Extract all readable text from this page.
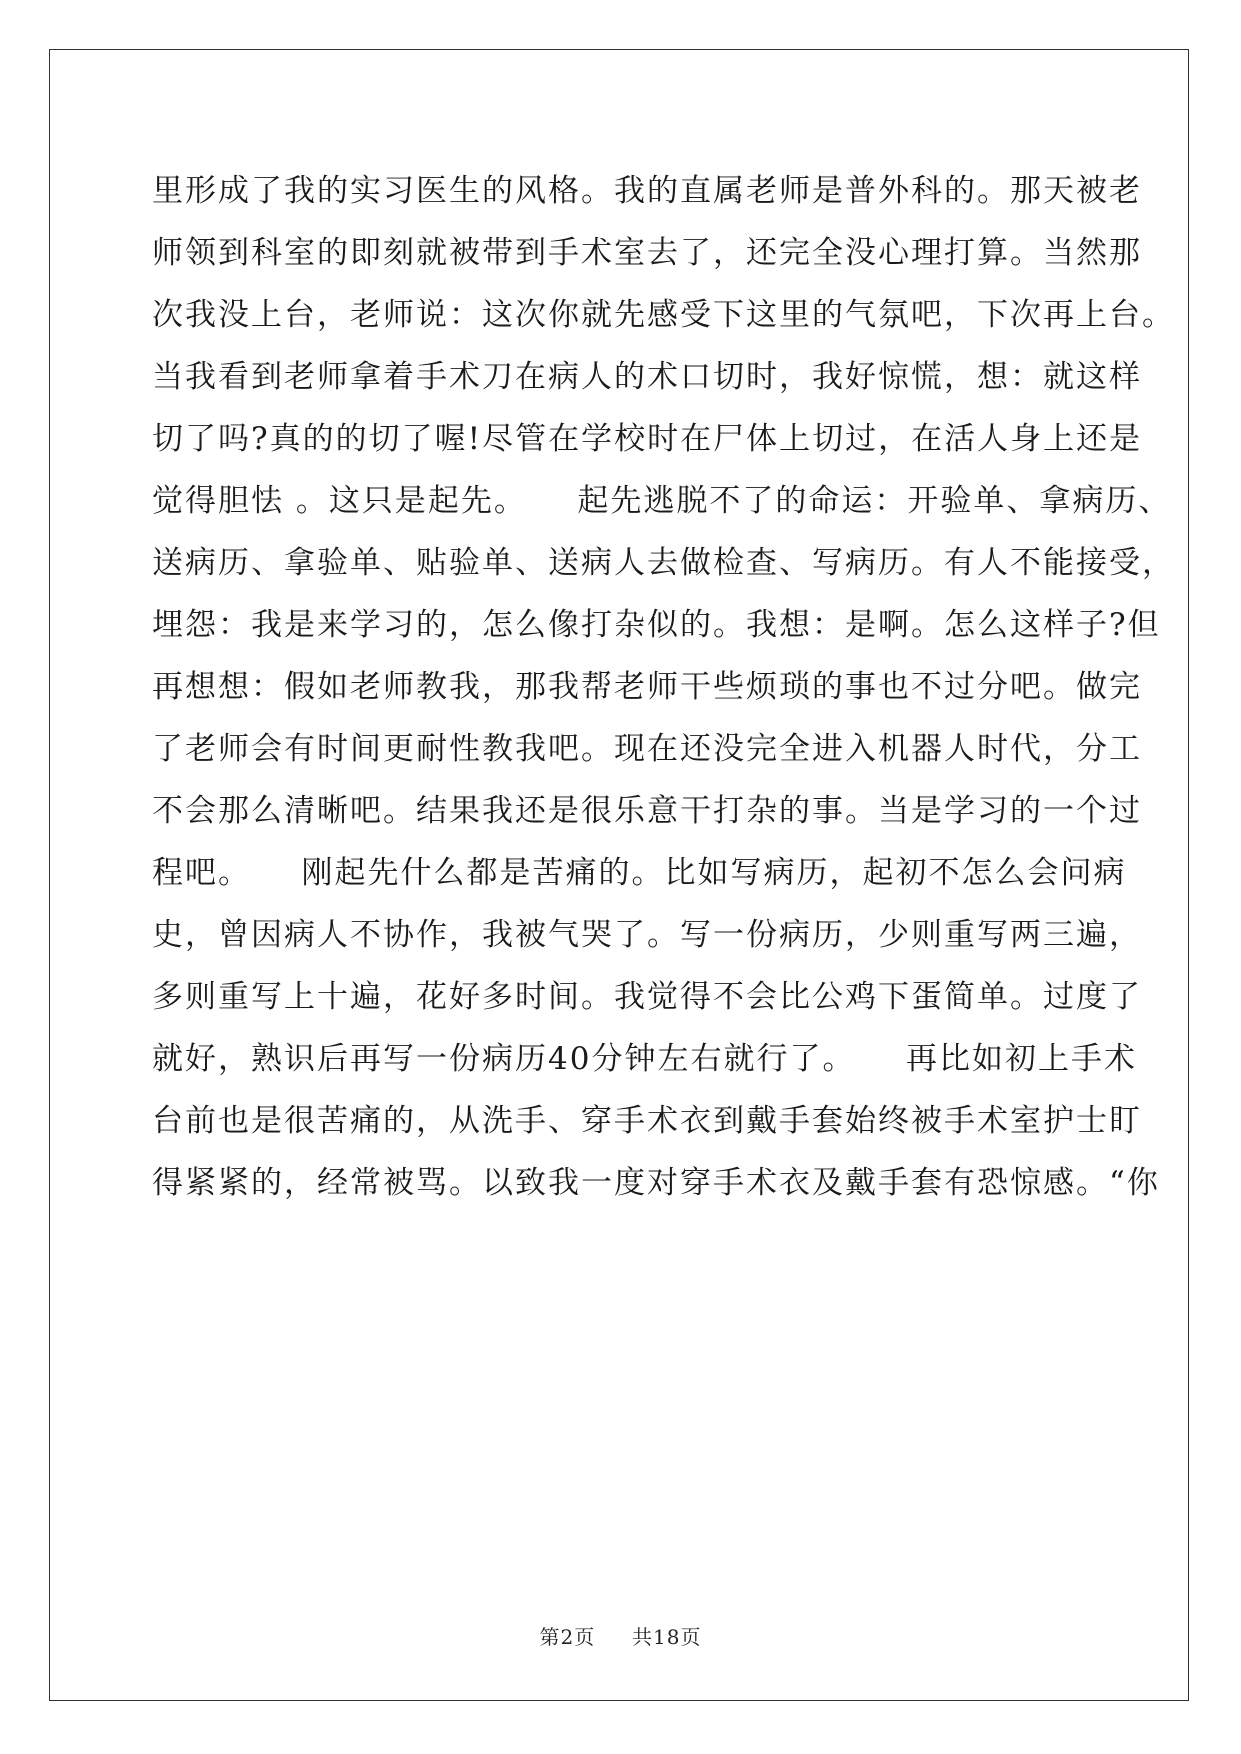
里形成了我的实习医生的风格。我的直属老师是普外科的。那天被老
师领到科室的即刻就被带到手术室去了，还完全没心理打算。当然那
次我没上台，老师说：这次你就先感受下这里的气氛吧，下次再上台。
当我看到老师拿着手术刀在病人的术口切时，我好惊慌，想：就这样
切了吗?真的的切了喔!尽管在学校时在尸体上切过，在活人身上还是
觉得胆怯 。这只是起先。　　起先逃脱不了的命运：开验单、拿病历、
送病历、拿验单、贴验单、送病人去做检查、写病历。有人不能接受，
埋怨：我是来学习的，怎么像打杂似的。我想：是啊。怎么这样子?但
再想想：假如老师教我，那我帮老师干些烦琐的事也不过分吧。做完
了老师会有时间更耐性教我吧。现在还没完全进入机器人时代，分工
不会那么清晰吧。结果我还是很乐意干打杂的事。当是学习的一个过
程吧。　　刚起先什么都是苦痛的。比如写病历，起初不怎么会问病
史，曾因病人不协作，我被气哭了。写一份病历，少则重写两三遍，
多则重写上十遍，花好多时间。我觉得不会比公鸡下蛋简单。过度了
就好，熟识后再写一份病历40分钟左右就行了。　　再比如初上手术
台前也是很苦痛的，从洗手、穿手术衣到戴手套始终被手术室护士盯
得紧紧的，经常被骂。以致我一度对穿手术衣及戴手套有恐惊感。“你
第2页 共18页
